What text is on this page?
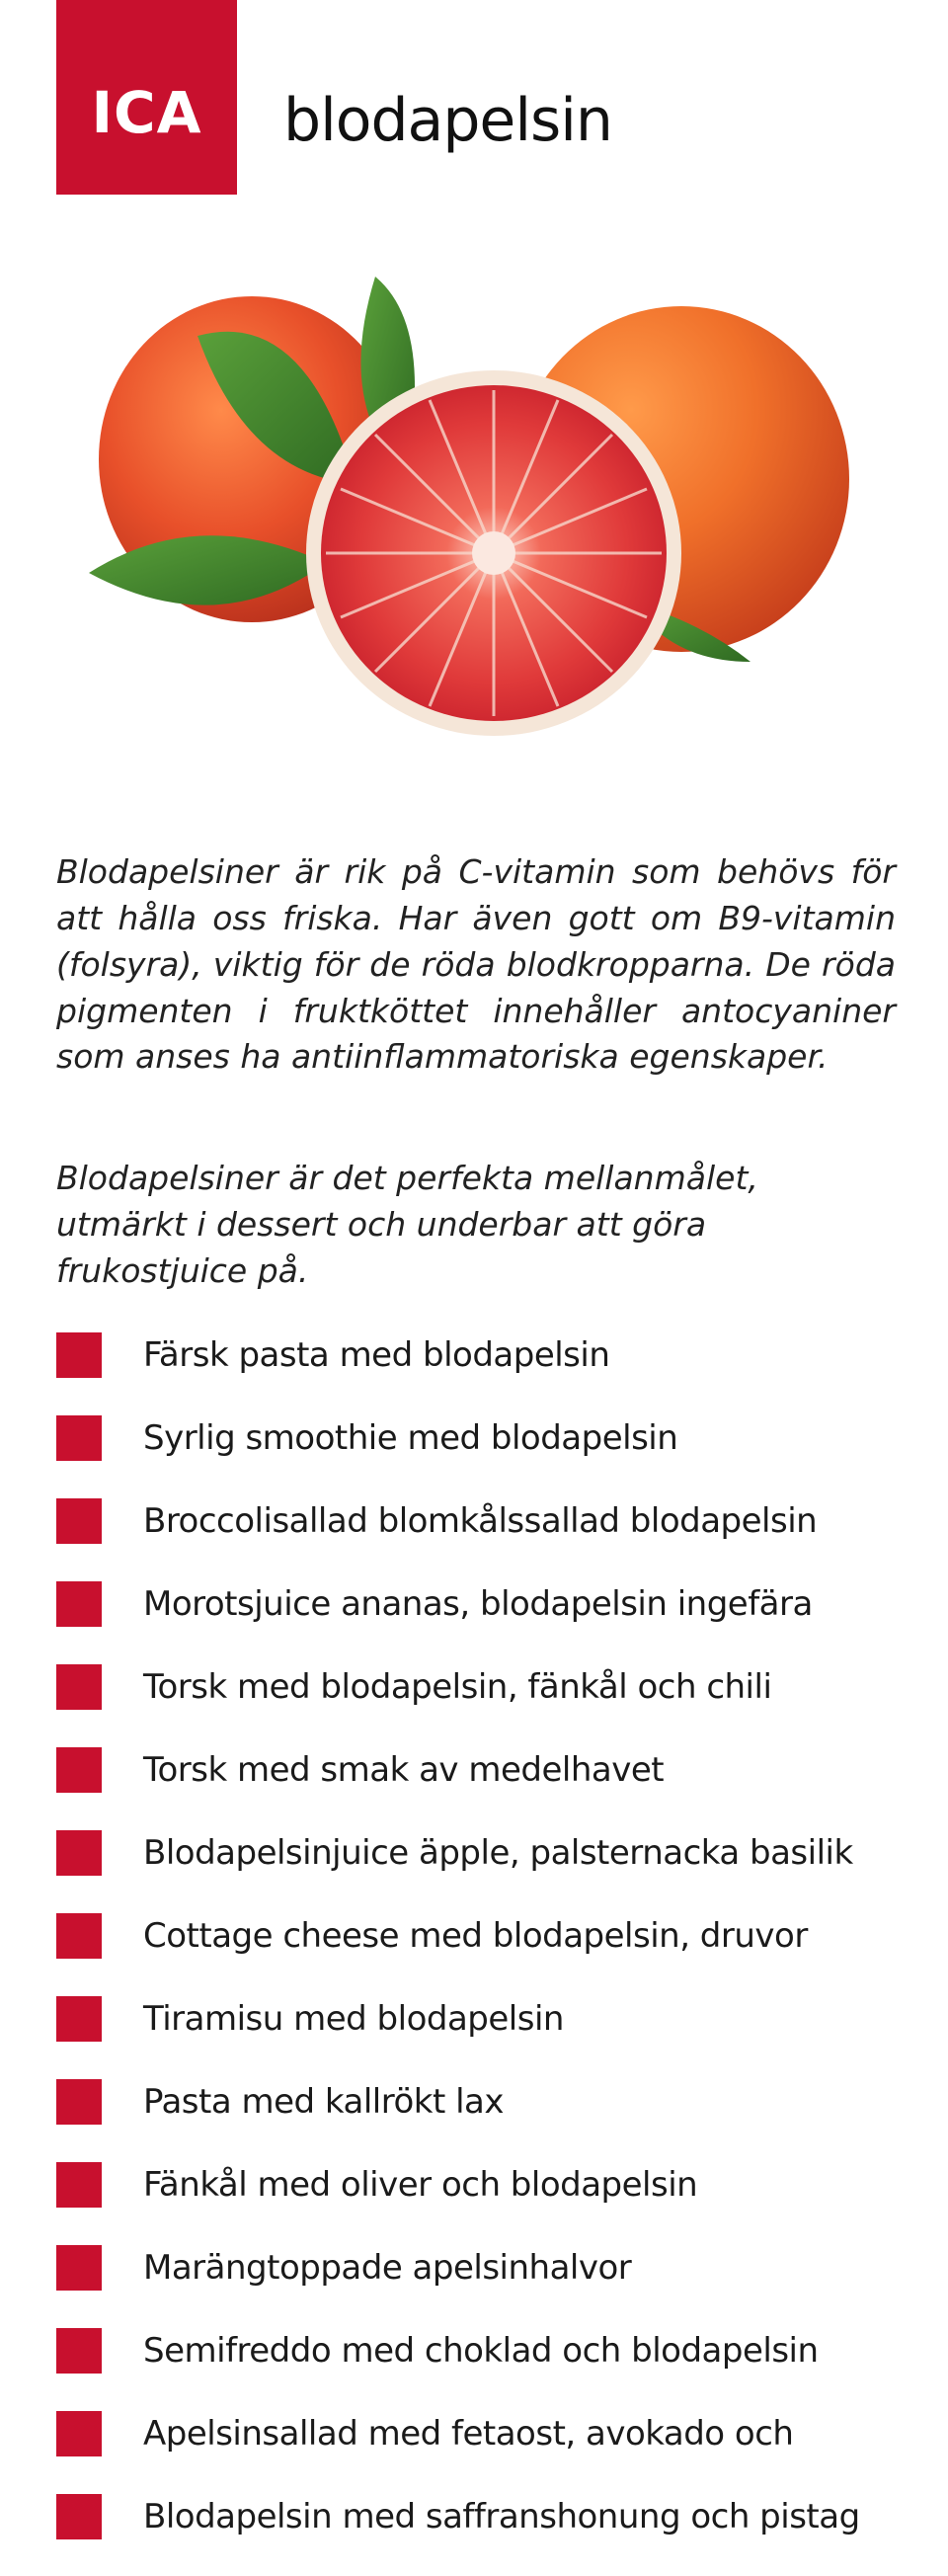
ICA blodapelsin

Blodapelsiner är rik på C-vitamin som behövs för att hålla oss friska. Har även gott om B9-vitamin (folsyra), viktig för de röda blodkropparna. De röda pigmenten i fruktköttet innehåller antocyaniner som anses ha antiinflammatoriska egenskaper.

Blodapelsiner är det perfekta mellanmålet, utmärkt i dessert och underbar att göra frukostjuice på.

Färsk pasta med blodapelsin
Syrlig smoothie med blodapelsin
Broccolisallad blomkålssallad blodapelsin
Morotsjuice ananas, blodapelsin ingefära
Torsk med blodapelsin, fänkål och chili
Torsk med smak av medelhavet
Blodapelsinjuice äpple, palsternacka basilik
Cottage cheese med blodapelsin, druvor
Tiramisu med blodapelsin
Pasta med kallrökt lax
Fänkål med oliver och blodapelsin
Marängtoppade apelsinhalvor
Semifreddo med choklad och blodapelsin
Apelsinsallad med fetaost, avokado och
Blodapelsin med saffranshonung och pistag
